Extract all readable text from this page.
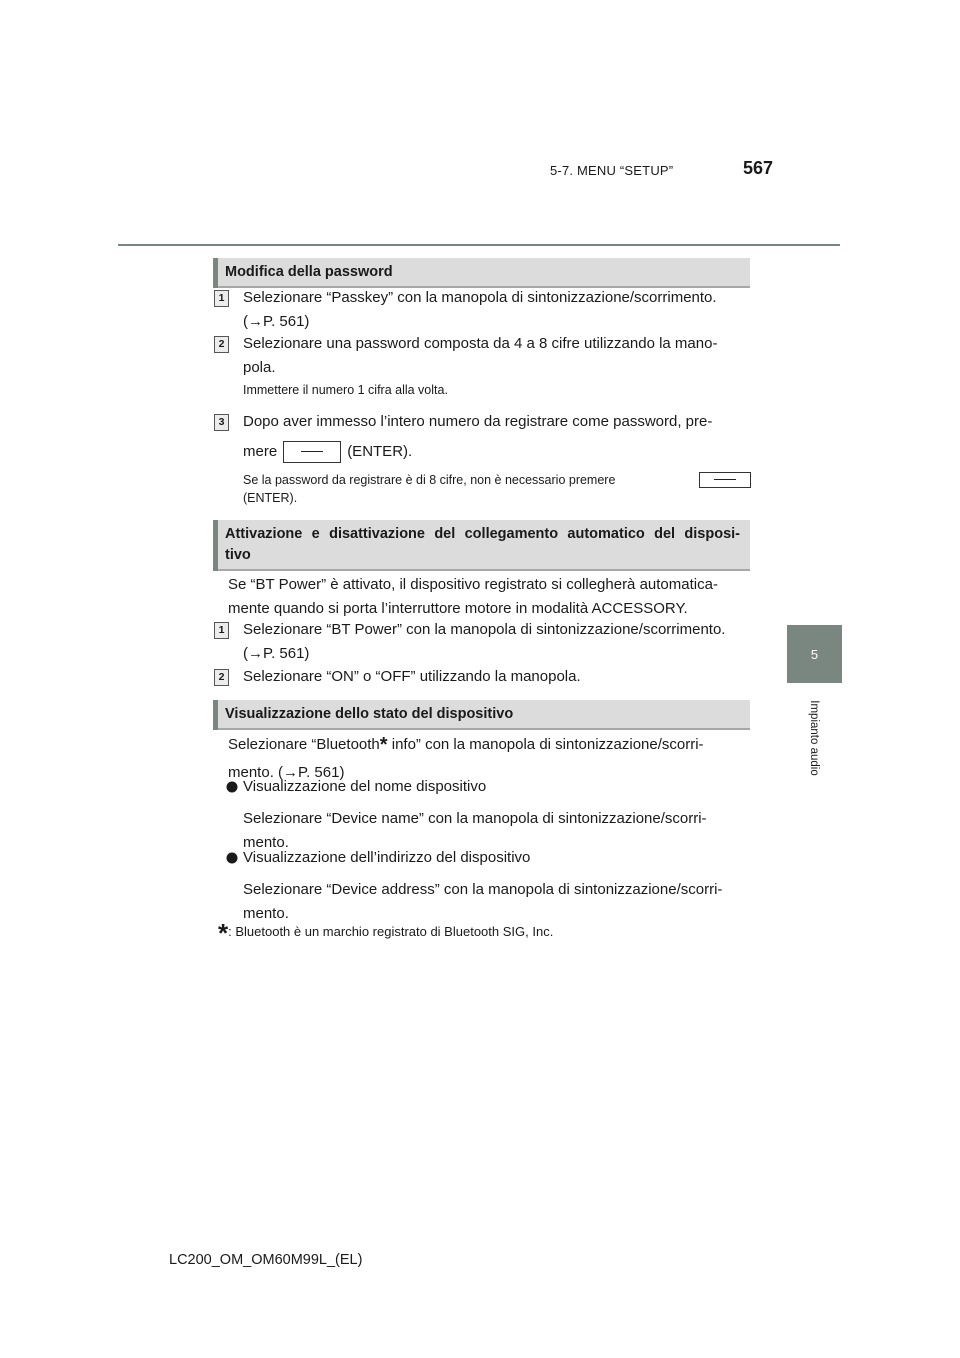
5-7. MENU “SETUP”	567
5
Impianto audio
Modifica della password
1	Selezionare “Passkey” con la manopola di sintonizzazione/scorrimento.
(→P. 561)
2	Selezionare una password composta da 4 a 8 cifre utilizzando la mano-
pola.
Immettere il numero 1 cifra alla volta.
3	Dopo aver immesso l’intero numero da registrare come password, pre-
mere	(ENTER).
Se la password da registrare è di 8 cifre, non è necessario premere
(ENTER).
Attivazione e disattivazione del collegamento automatico del disposi-
tivo
Se “BT Power” è attivato, il dispositivo registrato si collegherà automatica-
mente quando si porta l’interruttore motore in modalità ACCESSORY.
1	Selezionare “BT Power” con la manopola di sintonizzazione/scorrimento.
(→P. 561)
2	Selezionare “ON” o “OFF” utilizzando la manopola.
Visualizzazione dello stato del dispositivo
Selezionare “Bluetooth* info” con la manopola di sintonizzazione/scorri-
mento. (→P. 561)
Visualizzazione del nome dispositivo
Selezionare “Device name” con la manopola di sintonizzazione/scorri-
mento.
Visualizzazione dell’indirizzo del dispositivo
Selezionare “Device address” con la manopola di sintonizzazione/scorri-
mento.
*: Bluetooth è un marchio registrato di Bluetooth SIG, Inc.
LC200_OM_OM60M99L_(EL)
